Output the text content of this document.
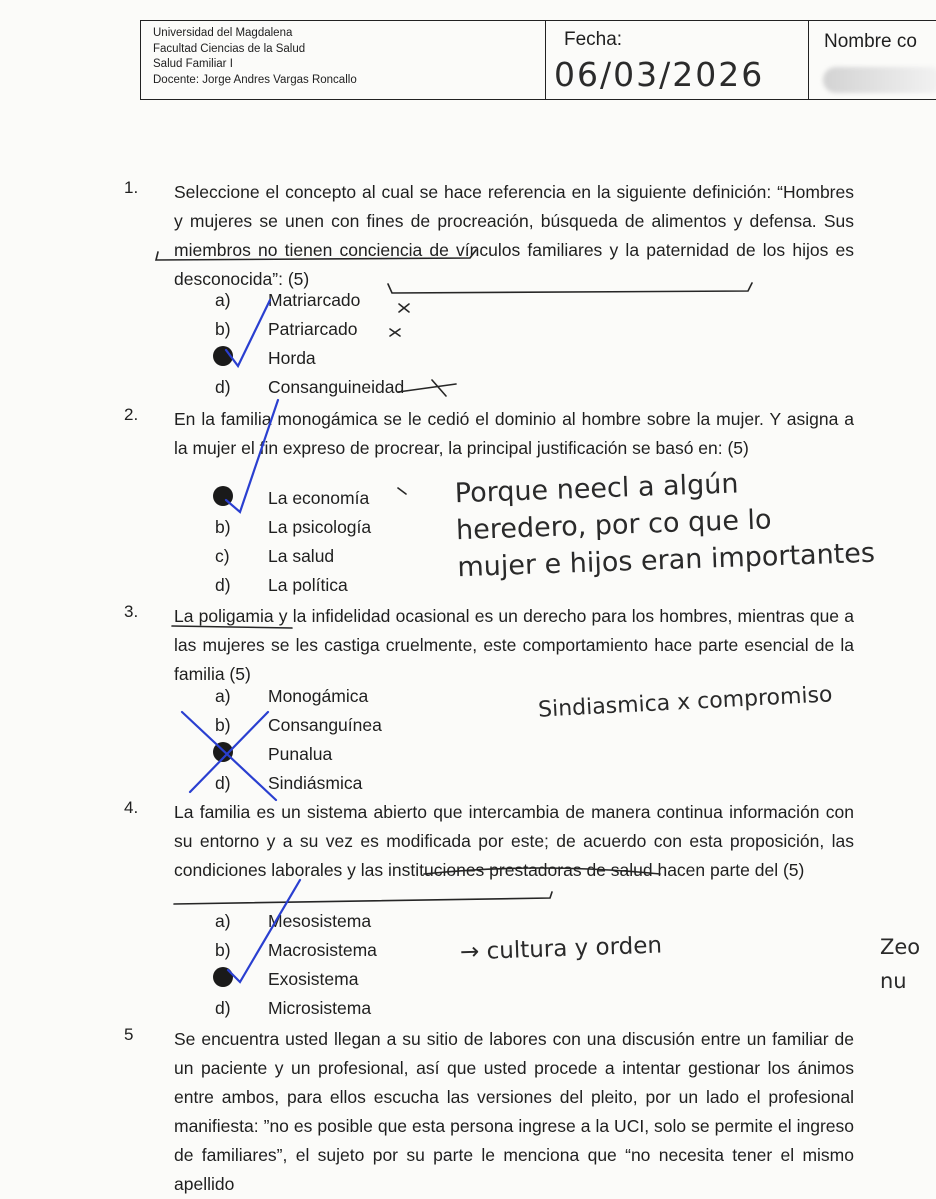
Universidad del Magdalena
Facultad Ciencias de la Salud
Salud Familiar I
Docente: Jorge Andres Vargas Roncallo
Fecha:
06/03/2026
Nombre co
1. Seleccione el concepto al cual se hace referencia en la siguiente definición: “Hombres y mujeres se unen con fines de procreación, búsqueda de alimentos y defensa. Sus miembros no tienen conciencia de vínculos familiares y la paternidad de los hijos es desconocida”: (5)

a) Matriarcado
b) Patriarcado
Horda
d) Consanguineidad
2. En la familia monogámica se le cedió el dominio al hombre sobre la mujer. Y asigna a la mujer el fin expreso de procrear, la principal justificación se basó en: (5)

La economía
b) La psicología
c) La salud
d) La política
3. La poligamia y la infidelidad ocasional es un derecho para los hombres, mientras que a las mujeres se les castiga cruelmente, este comportamiento hace parte esencial de la familia (5)

a) Monogámica
b) Consanguínea
Punalua
d) Sindiásmica
4. La familia es un sistema abierto que intercambia de manera continua información con su entorno y a su vez es modificada por este; de acuerdo con esta proposición, las condiciones laborales y las instituciones prestadoras de salud hacen parte del (5)

a) Mesosistema
b) Macrosistema
Exosistema
d) Microsistema
5 Se encuentra usted llegan a su sitio de labores con una discusión entre un familiar de un paciente y un profesional, así que usted procede a intentar gestionar los ánimos entre ambos, para ellos escucha las versiones del pleito, por un lado el profesional manifiesta: ”no es posible que esta persona ingrese a la UCI, solo se permite el ingreso de familiares”, el sujeto por su parte le menciona que “no necesita tener el mismo apellido

Porque neecl a algún
heredero, por co que lo
mujer e hijos eran importantes
Sindiasmica x compromiso
→ cultura y orden	Zeo
nu
